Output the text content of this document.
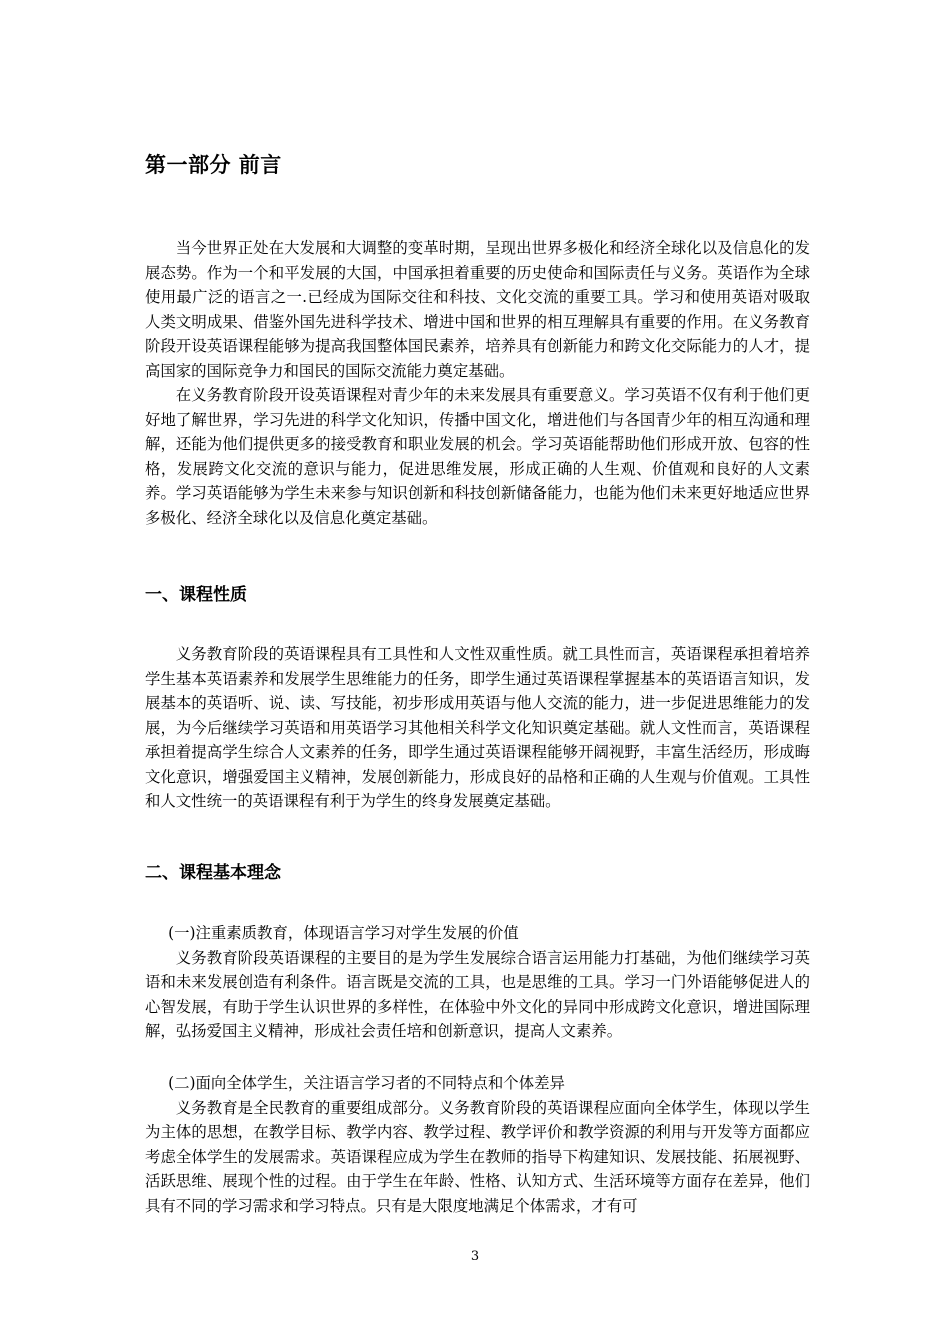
第一部分 前言

当今世界正处在大发展和大调整的变革时期，呈现出世界多极化和经济全球化以及信息化的发展态势。作为一个和平发展的大国，中国承担着重要的历史使命和国际责任与义务。英语作为全球使用最广泛的语言之一.已经成为国际交往和科技、文化交流的重要工具。学习和使用英语对吸取人类文明成果、借鉴外国先进科学技术、增进中国和世界的相互理解具有重要的作用。在义务教育阶段开设英语课程能够为提高我国整体国民素养，培养具有创新能力和跨文化交际能力的人才，提高国家的国际竞争力和国民的国际交流能力奠定基础。

在义务教育阶段开设英语课程对青少年的未来发展具有重要意义。学习英语不仅有利于他们更好地了解世界，学习先进的科学文化知识，传播中国文化，增进他们与各国青少年的相互沟通和理解，还能为他们提供更多的接受教育和职业发展的机会。学习英语能帮助他们形成开放、包容的性格，发展跨文化交流的意识与能力，促进思维发展，形成正确的人生观、价值观和良好的人文素养。学习英语能够为学生未来参与知识创新和科技创新储备能力，也能为他们未来更好地适应世界多极化、经济全球化以及信息化奠定基础。

一、课程性质

义务教育阶段的英语课程具有工具性和人文性双重性质。就工具性而言，英语课程承担着培养学生基本英语素养和发展学生思维能力的任务，即学生通过英语课程掌握基本的英语语言知识，发展基本的英语听、说、读、写技能，初步形成用英语与他人交流的能力，进一步促进思维能力的发展，为今后继续学习英语和用英语学习其他相关科学文化知识奠定基础。就人文性而言，英语课程承担着提高学生综合人文素养的任务，即学生通过英语课程能够开阔视野，丰富生活经历，形成晦文化意识，增强爱国主义精神，发展创新能力，形成良好的品格和正确的人生观与价值观。工具性和人文性统一的英语课程有利于为学生的终身发展奠定基础。

二、课程基本理念

(一)注重素质教育，体现语言学习对学生发展的价值

义务教育阶段英语课程的主要目的是为学生发展综合语言运用能力打基础，为他们继续学习英语和未来发展创造有利条件。语言既是交流的工具，也是思维的工具。学习一门外语能够促进人的心智发展，有助于学生认识世界的多样性，在体验中外文化的异同中形成跨文化意识，增进国际理解，弘扬爱国主义精神，形成社会责任培和创新意识，提高人文素养。

(二)面向全体学生，关注语言学习者的不同特点和个体差异

义务教育是全民教育的重要组成部分。义务教育阶段的英语课程应面向全体学生，体现以学生为主体的思想，在教学目标、教学内容、教学过程、教学评价和教学资源的利用与开发等方面都应考虑全体学生的发展需求。英语课程应成为学生在教师的指导下构建知识、发展技能、拓展视野、活跃思维、展现个性的过程。由于学生在年龄、性格、认知方式、生活环境等方面存在差异，他们具有不同的学习需求和学习特点。只有是大限度地满足个体需求，才有可

3
